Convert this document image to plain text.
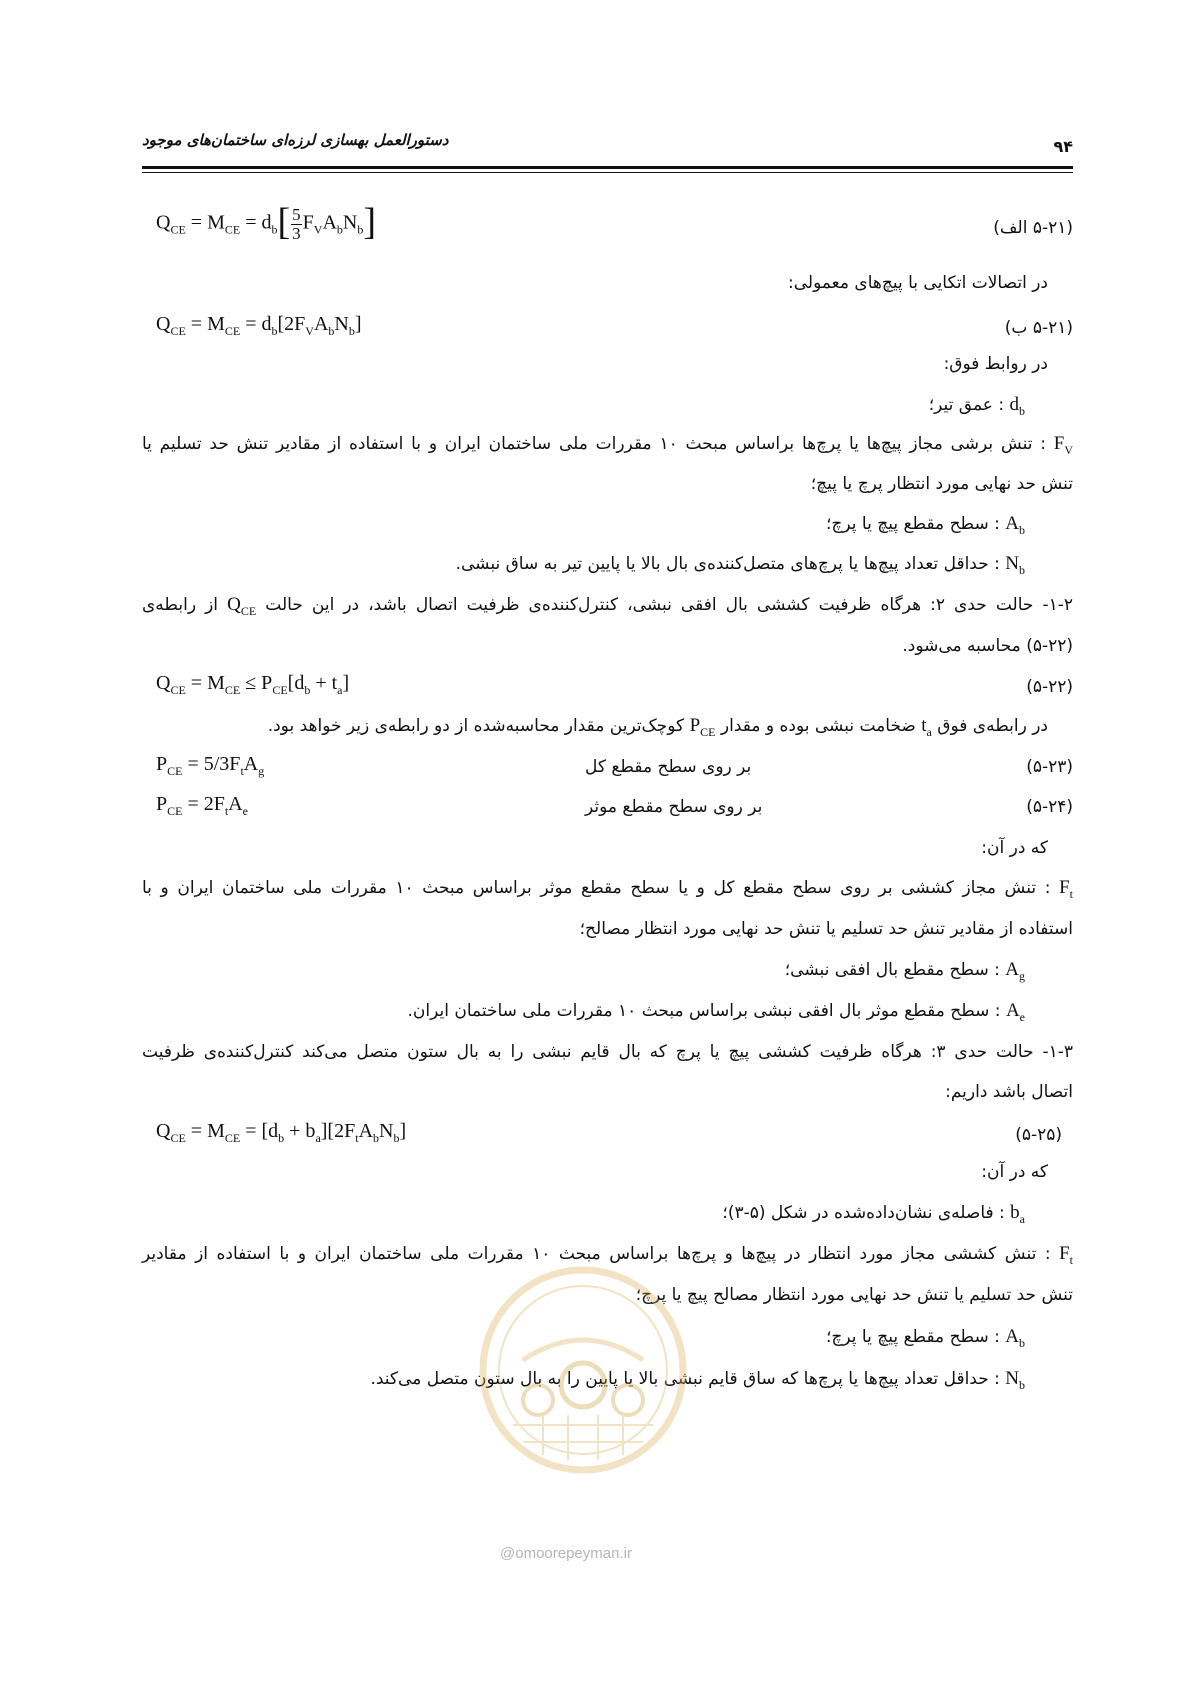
دستورالعمل بهسازی لرزه‌ای ساختمان‌های موجود	۹۴
$Q_{CE} = M_{CE} = d_b[ \frac{5}{3} F_VA_bN_b]$	(۵-۲۱ الف)
در اتصالات اتکایی با پیچ‌های معمولی:
$Q_{CE} = M_{CE} = d_b[2F_VA_bN_b]$	(۵-۲۱ ب)
در روابط فوق:
$d_b$ : عمق تیر؛
$F_V$ : تنش برشی مجاز پیچ‌ها یا پرچ‌ها براساس مبحث ۱۰ مقررات ملی ساختمان ایران و با استفاده از مقادیر تنش حد تسلیم یا
تنش حد نهایی مورد انتظار پرچ یا پیچ؛
$A_b$ : سطح مقطع پیچ یا پرچ؛
$N_b$ : حداقل تعداد پیچ‌ها یا پرچ‌های متصل‌کننده‌ی بال بالا یا پایین تیر به ساق نبشی.
۱-۲- حالت حدی ۲: هرگاه ظرفیت کششی بال افقی نبشی، کنترل‌کننده‌ی ظرفیت اتصال باشد، در این حالت $Q_{CE}$ از رابطه‌ی
(۵-۲۲) محاسبه می‌شود.
$Q_{CE} = M_{CE} \le P_{CE}[d_b + t_a]$	(۵-۲۲)
در رابطه‌ی فوق $t_a$ ضخامت نبشی بوده و مقدار $P_{CE}$ کوچک‌ترین مقدار محاسبه‌شده از دو رابطه‌ی زیر خواهد بود.
$P_{CE} = 5/3F_tA_g$	بر روی سطح مقطع کل	(۵-۲۳)
$P_{CE} = 2F_tA_e$	بر روی سطح مقطع موثر	(۵-۲۴)
که در آن:
$F_t$ : تنش مجاز کششی بر روی سطح مقطع کل و یا سطح مقطع موثر براساس مبحث ۱۰ مقررات ملی ساختمان ایران و با
استفاده از مقادیر تنش حد تسلیم یا تنش حد نهایی مورد انتظار مصالح؛
$A_g$ : سطح مقطع بال افقی نبشی؛
$A_e$ : سطح مقطع موثر بال افقی نبشی براساس مبحث ۱۰ مقررات ملی ساختمان ایران.
۱-۳- حالت حدی ۳: هرگاه ظرفیت کششی پیچ یا پرچ که بال قایم نبشی را به بال ستون متصل می‌کند کنترل‌کننده‌ی ظرفیت
اتصال باشد داریم:
$Q_{CE} = M_{CE} = [d_b + b_a][2F_tA_bN_b]$	(۵-۲۵)
که در آن:
$b_a$ : فاصله‌ی نشان‌داده‌شده در شکل (۵-۳)؛
$F_t$ : تنش کششی مجاز مورد انتظار در پیچ‌ها و پرچ‌ها براساس مبحث ۱۰ مقررات ملی ساختمان ایران و با استفاده از مقادیر
تنش حد تسلیم یا تنش حد نهایی مورد انتظار مصالح پیچ یا پرچ؛
$A_b$ : سطح مقطع پیچ یا پرچ؛
$N_b$ : حداقل تعداد پیچ‌ها یا پرچ‌ها که ساق قایم نبشی بالا یا پایین را به بال ستون متصل می‌کند.
@omoorepeyman.ir
